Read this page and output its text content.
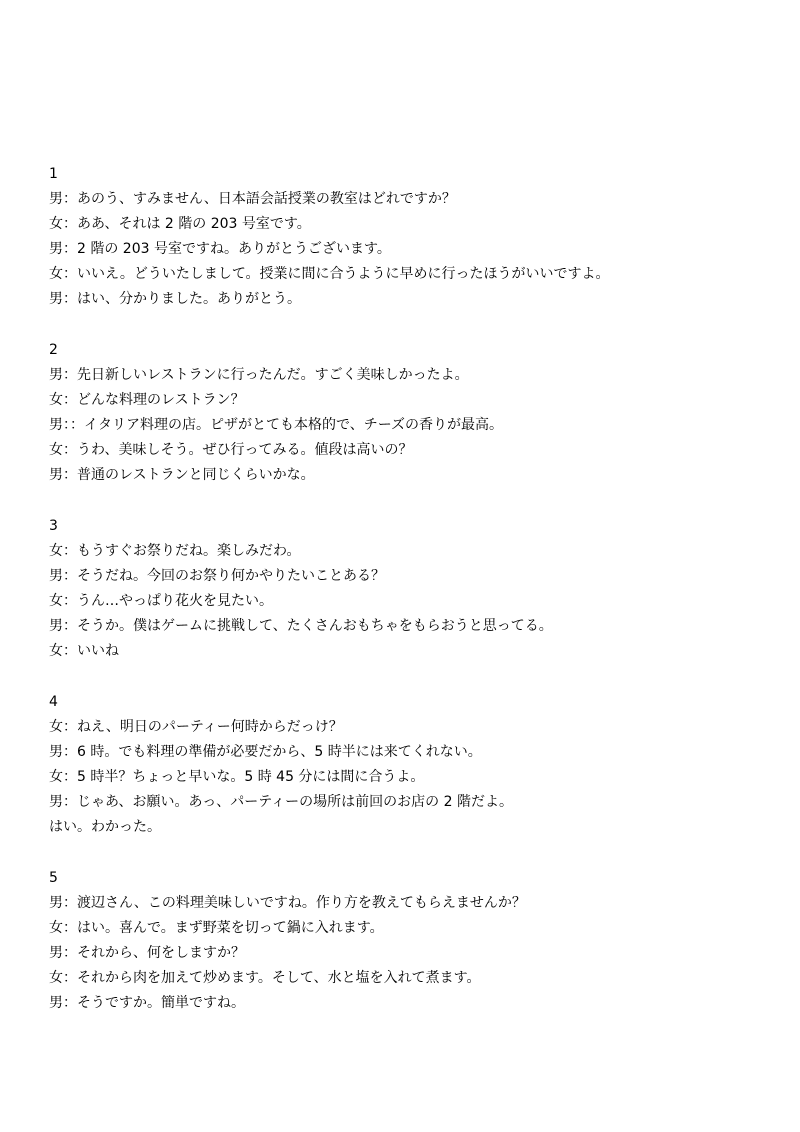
1
男：あのう、すみません、日本語会話授業の教室はどれですか？
女：ああ、それは 2 階の 203 号室です。
男：2 階の 203 号室ですね。ありがとうございます。
女：いいえ。どういたしまして。授業に間に合うように早めに行ったほうがいいですよ。
男：はい、分かりました。ありがとう。
2
男：先日新しいレストランに行ったんだ。すごく美味しかったよ。
女：どんな料理のレストラン？
男：：イタリア料理の店。ピザがとても本格的で、チーズの香りが最高。
女：うわ、美味しそう。ぜひ行ってみる。値段は高いの？
男：普通のレストランと同じくらいかな。
3
女：もうすぐお祭りだね。楽しみだわ。
男：そうだね。今回のお祭り何かやりたいことある？
女：うん…やっぱり花火を見たい。
男：そうか。僕はゲームに挑戦して、たくさんおもちゃをもらおうと思ってる。
女：いいね
4
女：ねえ、明日のパーティー何時からだっけ？
男：6 時。でも料理の準備が必要だから、5 時半には来てくれない。
女：5 時半？ちょっと早いな。5 時 45 分には間に合うよ。
男：じゃあ、お願い。あっ、パーティーの場所は前回のお店の 2 階だよ。
はい。わかった。
5
男：渡辺さん、この料理美味しいですね。作り方を教えてもらえませんか？
女：はい。喜んで。まず野菜を切って鍋に入れます。
男：それから、何をしますか？
女：それから肉を加えて炒めます。そして、水と塩を入れて煮ます。
男：そうですか。簡単ですね。
